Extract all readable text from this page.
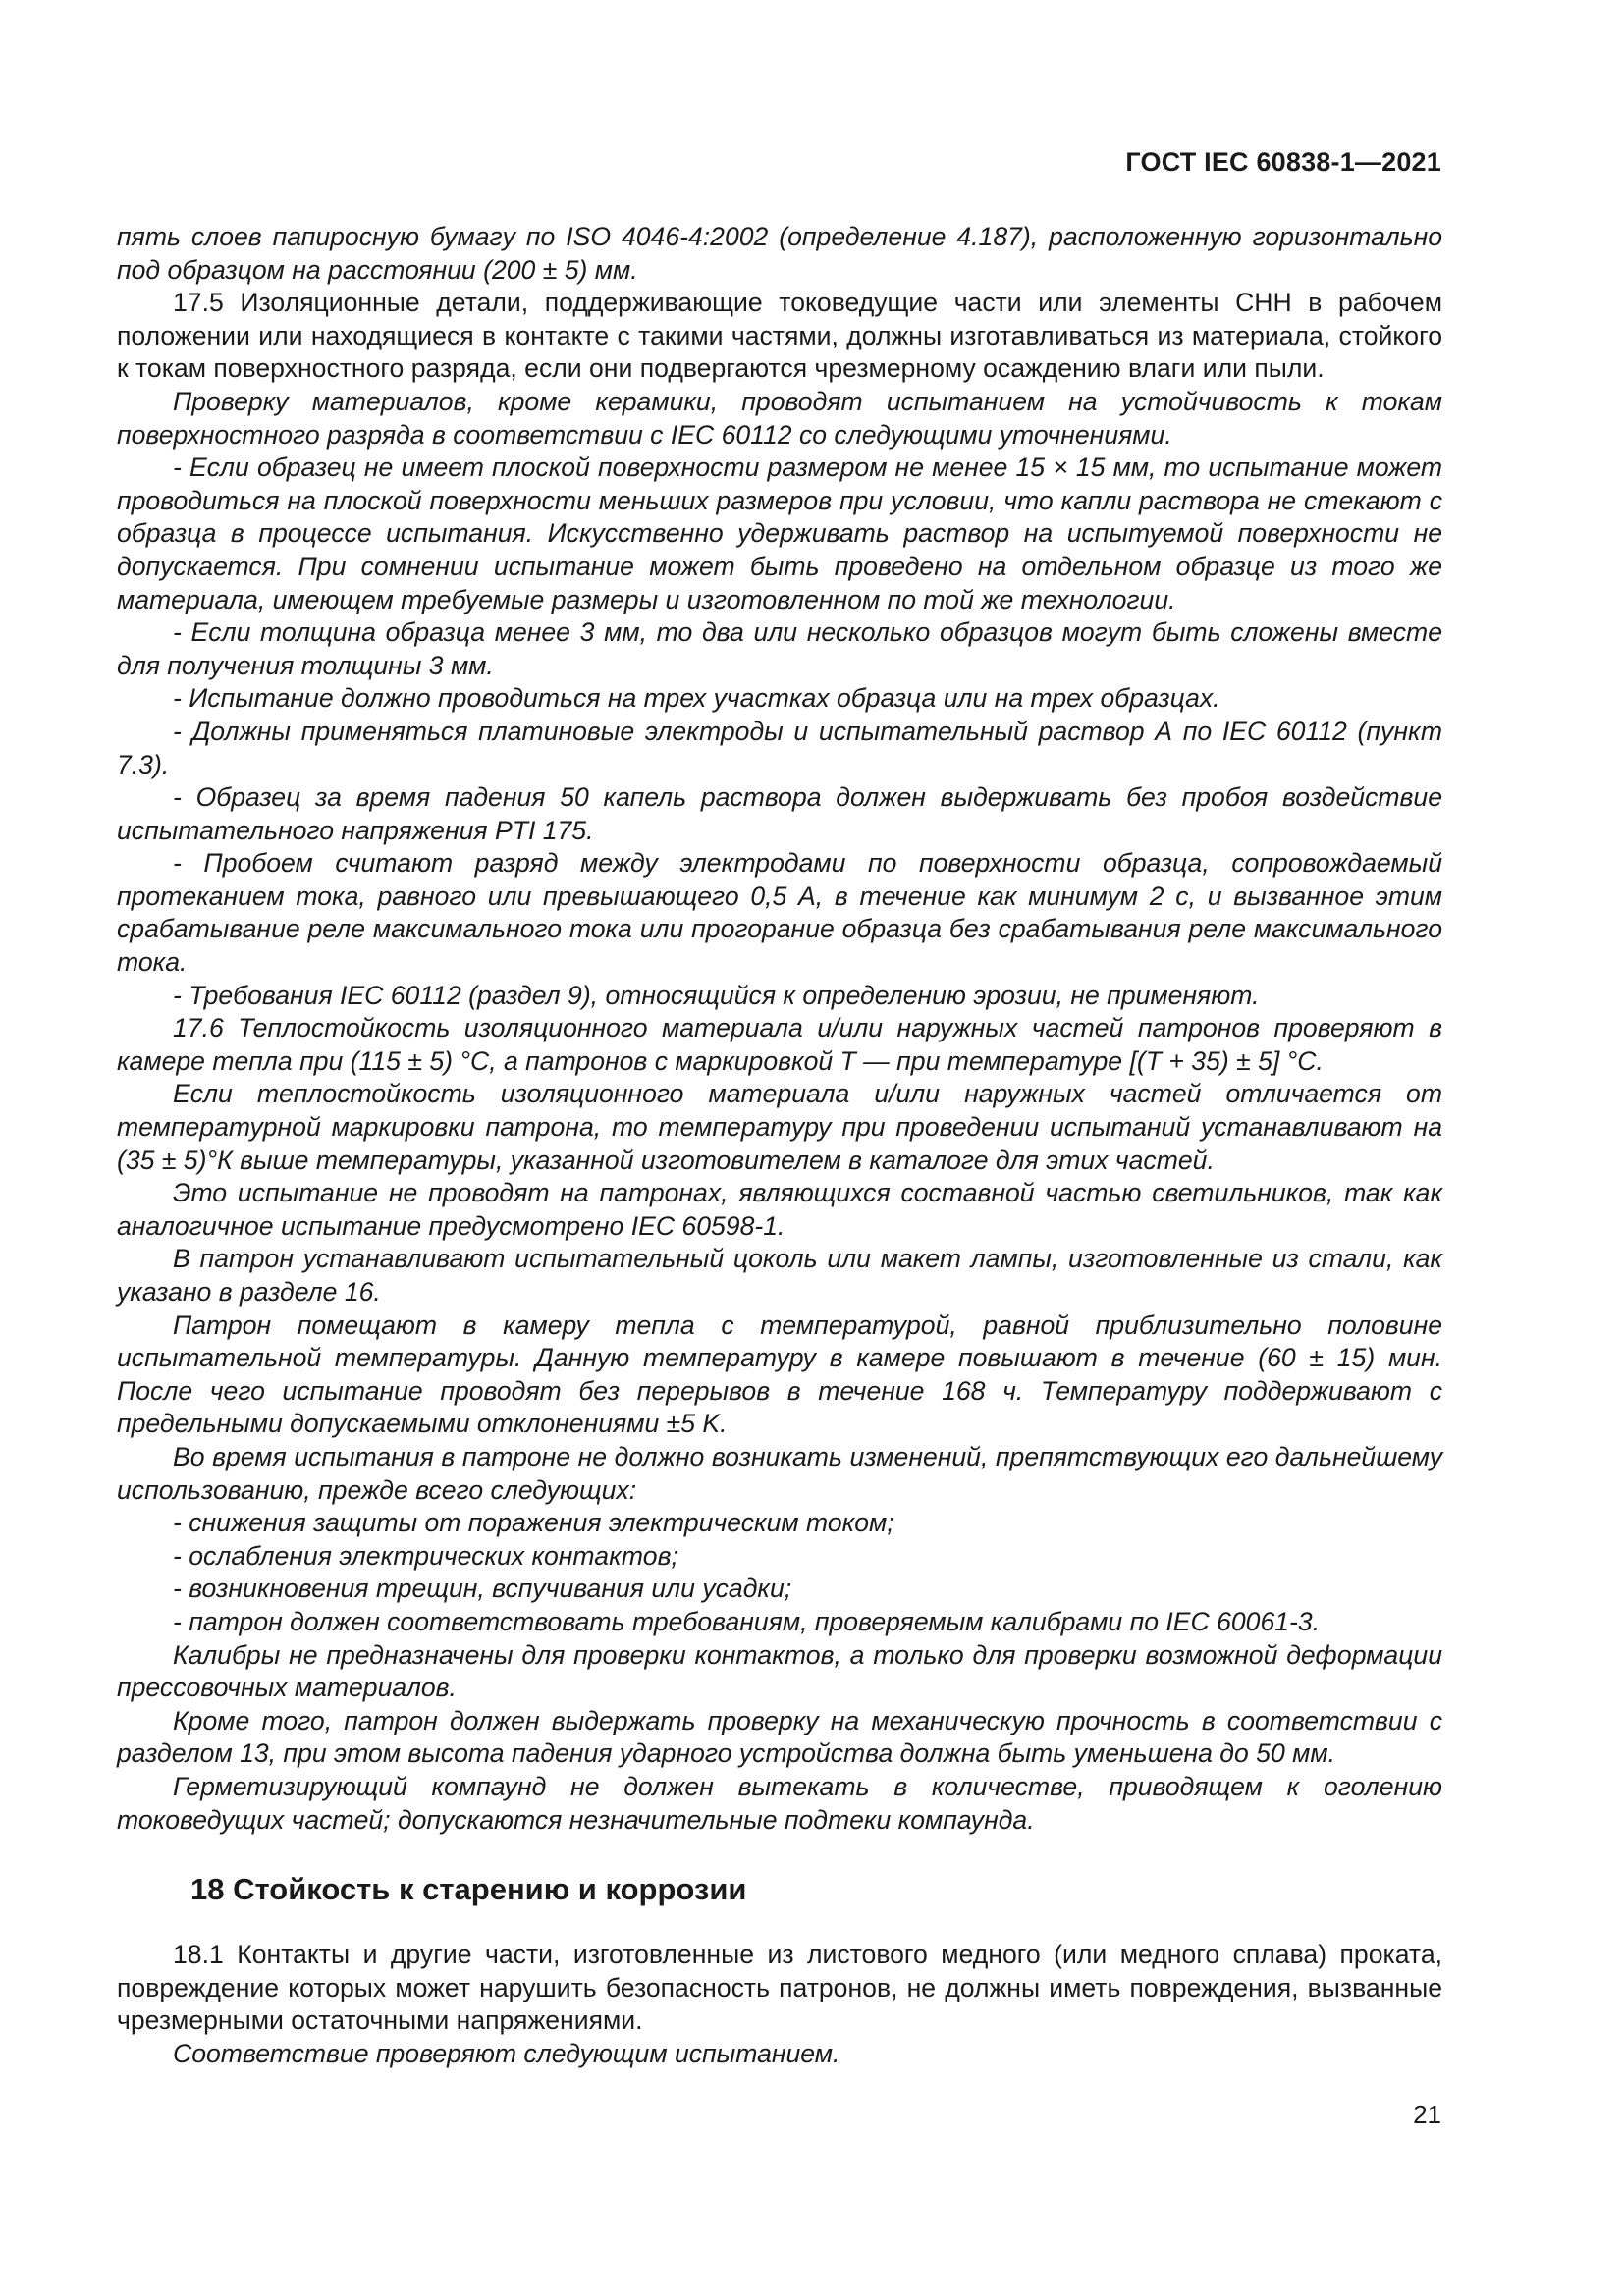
ГОСТ IEC 60838-1—2021

пять слоев папиросную бумагу по ISO 4046-4:2002 (определение 4.187), расположенную горизонтально под образцом на расстоянии (200 ± 5) мм.

17.5 Изоляционные детали, поддерживающие токоведущие части или элементы СНН в рабочем положении или находящиеся в контакте с такими частями, должны изготавливаться из материала, стойкого к токам поверхностного разряда, если они подвергаются чрезмерному осаждению влаги или пыли.

Проверку материалов, кроме керамики, проводят испытанием на устойчивость к токам поверхностного разряда в соответствии с IEC 60112 со следующими уточнениями.

- Если образец не имеет плоской поверхности размером не менее 15 × 15 мм, то испытание может проводиться на плоской поверхности меньших размеров при условии, что капли раствора не стекают с образца в процессе испытания. Искусственно удерживать раствор на испытуемой поверхности не допускается. При сомнении испытание может быть проведено на отдельном образце из того же материала, имеющем требуемые размеры и изготовленном по той же технологии.

- Если толщина образца менее 3 мм, то два или несколько образцов могут быть сложены вместе для получения толщины 3 мм.

- Испытание должно проводиться на трех участках образца или на трех образцах.

- Должны применяться платиновые электроды и испытательный раствор А по IEC 60112 (пункт 7.3).

- Образец за время падения 50 капель раствора должен выдерживать без пробоя воздействие испытательного напряжения PTI 175.

- Пробоем считают разряд между электродами по поверхности образца, сопровождаемый протеканием тока, равного или превышающего 0,5 А, в течение как минимум 2 с, и вызванное этим срабатывание реле максимального тока или прогорание образца без срабатывания реле максимального тока.

- Требования IEC 60112 (раздел 9), относящийся к определению эрозии, не применяют.

17.6 Теплостойкость изоляционного материала и/или наружных частей патронов проверяют в камере тепла при (115 ± 5) °С, а патронов с маркировкой T — при температуре [(T + 35) ± 5] °С.

Если теплостойкость изоляционного материала и/или наружных частей отличается от температурной маркировки патрона, то температуру при проведении испытаний устанавливают на (35 ± 5)°К выше температуры, указанной изготовителем в каталоге для этих частей.

Это испытание не проводят на патронах, являющихся составной частью светильников, так как аналогичное испытание предусмотрено IEC 60598-1.

В патрон устанавливают испытательный цоколь или макет лампы, изготовленные из стали, как указано в разделе 16.

Патрон помещают в камеру тепла с температурой, равной приблизительно половине испытательной температуры. Данную температуру в камере повышают в течение (60 ± 15) мин. После чего испытание проводят без перерывов в течение 168 ч. Температуру поддерживают с предельными допускаемыми отклонениями ±5 K.

Во время испытания в патроне не должно возникать изменений, препятствующих его дальнейшему использованию, прежде всего следующих:

- снижения защиты от поражения электрическим током;

- ослабления электрических контактов;

- возникновения трещин, вспучивания или усадки;

- патрон должен соответствовать требованиям, проверяемым калибрами по IEC 60061-3.

Калибры не предназначены для проверки контактов, а только для проверки возможной деформации прессовочных материалов.

Кроме того, патрон должен выдержать проверку на механическую прочность в соответствии с разделом 13, при этом высота падения ударного устройства должна быть уменьшена до 50 мм.

Герметизирующий компаунд не должен вытекать в количестве, приводящем к оголению токоведущих частей; допускаются незначительные подтеки компаунда.

18 Стойкость к старению и коррозии

18.1 Контакты и другие части, изготовленные из листового медного (или медного сплава) проката, повреждение которых может нарушить безопасность патронов, не должны иметь повреждения, вызванные чрезмерными остаточными напряжениями.

Соответствие проверяют следующим испытанием.

21
